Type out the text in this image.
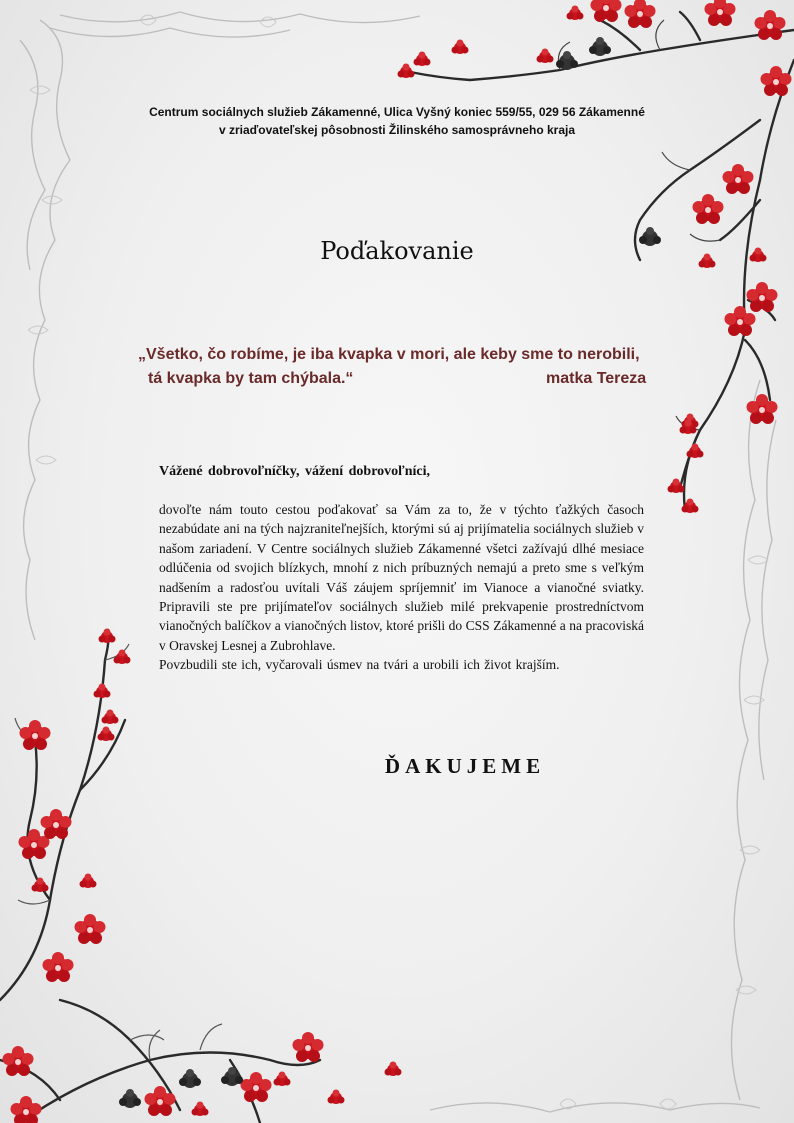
Centrum sociálnych služieb Zákamenné, Ulica Vyšný koniec 559/55, 029 56 Zákamenné
v zriaďovateľskej pôsobnosti Žilinského samosprávneho kraja
Poďakovanie
„Všetko, čo robíme, je iba kvapka v mori, ale keby sme to nerobili,
tá kvapka by tam chýbala.“	matka Tereza
Vážené dobrovoľníčky, vážení dobrovoľníci,
dovoľte nám touto cestou poďakovať sa Vám za to, že v týchto ťažkých časoch nezabúdate ani na tých najzraniteľnejších, ktorými sú aj prijímatelia sociálnych služieb v našom zariadení. V Centre sociálnych služieb Zákamenné všetci zažívajú dlhé mesiace odlúčenia od svojich blízkych, mnohí z nich príbuzných nemajú a preto sme s veľkým nadšením a radosťou uvítali Váš záujem spríjemniť im Vianoce a vianočné sviatky. Pripravili ste pre prijímateľov sociálnych služieb milé prekvapenie prostredníctvom vianočných balíčkov a vianočných listov, ktoré prišli do CSS Zákamenné a na pracoviská v Oravskej Lesnej a Zubrohlave.
Povzbudili ste ich, vyčarovali úsmev na tvári a urobili ich život krajším.
ĎAKUJEME
